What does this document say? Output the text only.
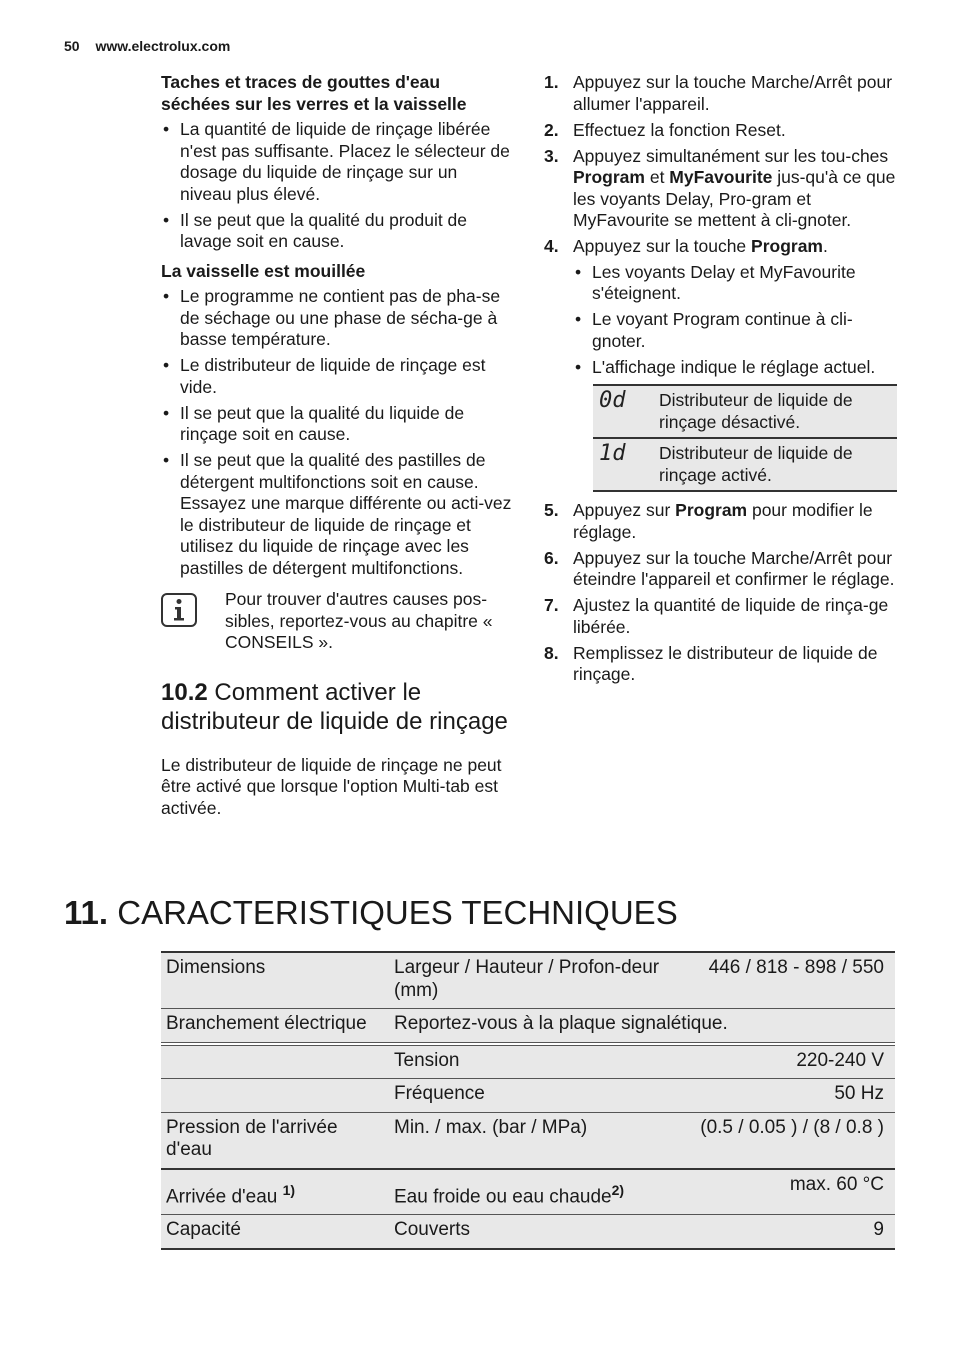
50 www.electrolux.com
Taches et traces de gouttes d'eau séchées sur les verres et la vaisselle
• La quantité de liquide de rinçage libérée n'est pas suffisante. Placez le sélecteur de dosage du liquide de rinçage sur un niveau plus élevé.
• Il se peut que la qualité du produit de lavage soit en cause.
La vaisselle est mouillée
• Le programme ne contient pas de pha-se de séchage ou une phase de sécha-ge à basse température.
• Le distributeur de liquide de rinçage est vide.
• Il se peut que la qualité du liquide de rinçage soit en cause.
• Il se peut que la qualité des pastilles de détergent multifonctions soit en cause. Essayez une marque différente ou acti-vez le distributeur de liquide de rinçage et utilisez du liquide de rinçage avec les pastilles de détergent multifonctions.
Pour trouver d'autres causes pos-sibles, reportez-vous au chapitre « CONSEILS ».
10.2 Comment activer le distributeur de liquide de rinçage
Le distributeur de liquide de rinçage ne peut être activé que lorsque l'option Multi-tab est activée.
1. Appuyez sur la touche Marche/Arrêt pour allumer l'appareil.
2. Effectuez la fonction Reset.
3. Appuyez simultanément sur les tou-ches Program et MyFavourite jus-qu'à ce que les voyants Delay, Pro-gram et MyFavourite se mettent à cli-gnoter.
4. Appuyez sur la touche Program.
• Les voyants Delay et MyFavourite s'éteignent.
• Le voyant Program continue à cli-gnoter.
• L'affichage indique le réglage actuel.
0d	Distributeur de liquide de rinçage désactivé.
1d	Distributeur de liquide de rinçage activé.
5. Appuyez sur Program pour modifier le réglage.
6. Appuyez sur la touche Marche/Arrêt pour éteindre l'appareil et confirmer le réglage.
7. Ajustez la quantité de liquide de rinça-ge libérée.
8. Remplissez le distributeur de liquide de rinçage.
11. CARACTERISTIQUES TECHNIQUES
Dimensions	Largeur / Hauteur / Profon-deur (mm)	446 / 818 - 898 / 550
Branchement électrique	Reportez-vous à la plaque signalétique.	

	Tension	220-240 V
	Fréquence	50 Hz
Pression de l'arrivée d'eau	Min. / max. (bar / MPa)	(0.5 / 0.05 ) / (8 / 0.8 )
Arrivée d'eau $^{1)}$	Eau froide ou eau chaude$^{2)}$	max. 60 °C
Capacité	Couverts	9
